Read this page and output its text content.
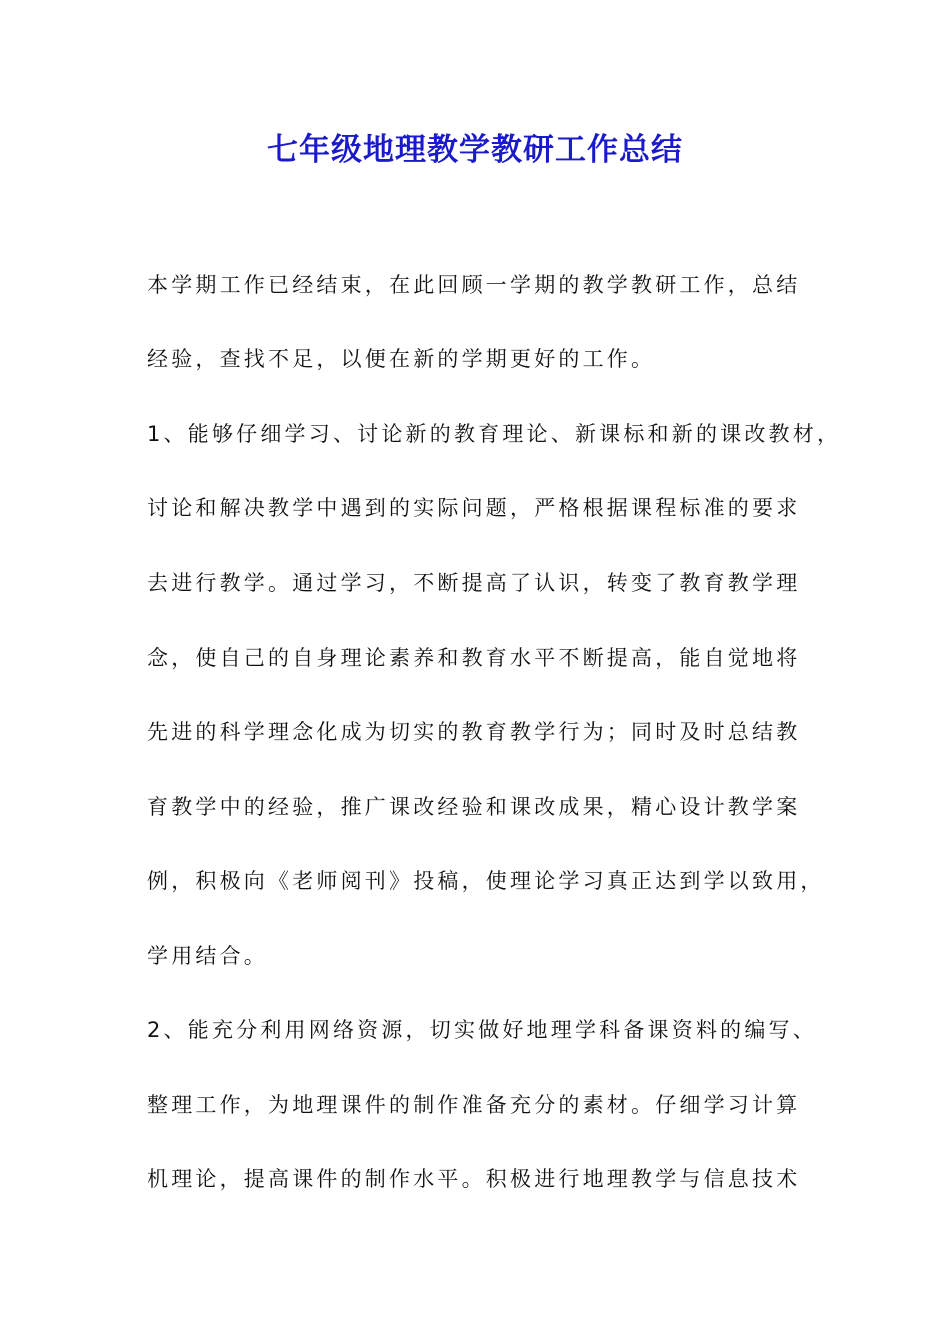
七年级地理教学教研工作总结

本学期工作已经结束，在此回顾一学期的教学教研工作，总结

经验，查找不足，以便在新的学期更好的工作。

1、能够仔细学习、讨论新的教育理论、新课标和新的课改教材，

讨论和解决教学中遇到的实际问题，严格根据课程标准的要求

去进行教学。通过学习，不断提高了认识，转变了教育教学理

念，使自己的自身理论素养和教育水平不断提高，能自觉地将

先进的科学理念化成为切实的教育教学行为；同时及时总结教

育教学中的经验，推广课改经验和课改成果，精心设计教学案

例，积极向《老师阅刊》投稿，使理论学习真正达到学以致用，

学用结合。

2、能充分利用网络资源，切实做好地理学科备课资料的编写、

整理工作，为地理课件的制作准备充分的素材。仔细学习计算

机理论，提高课件的制作水平。积极进行地理教学与信息技术
